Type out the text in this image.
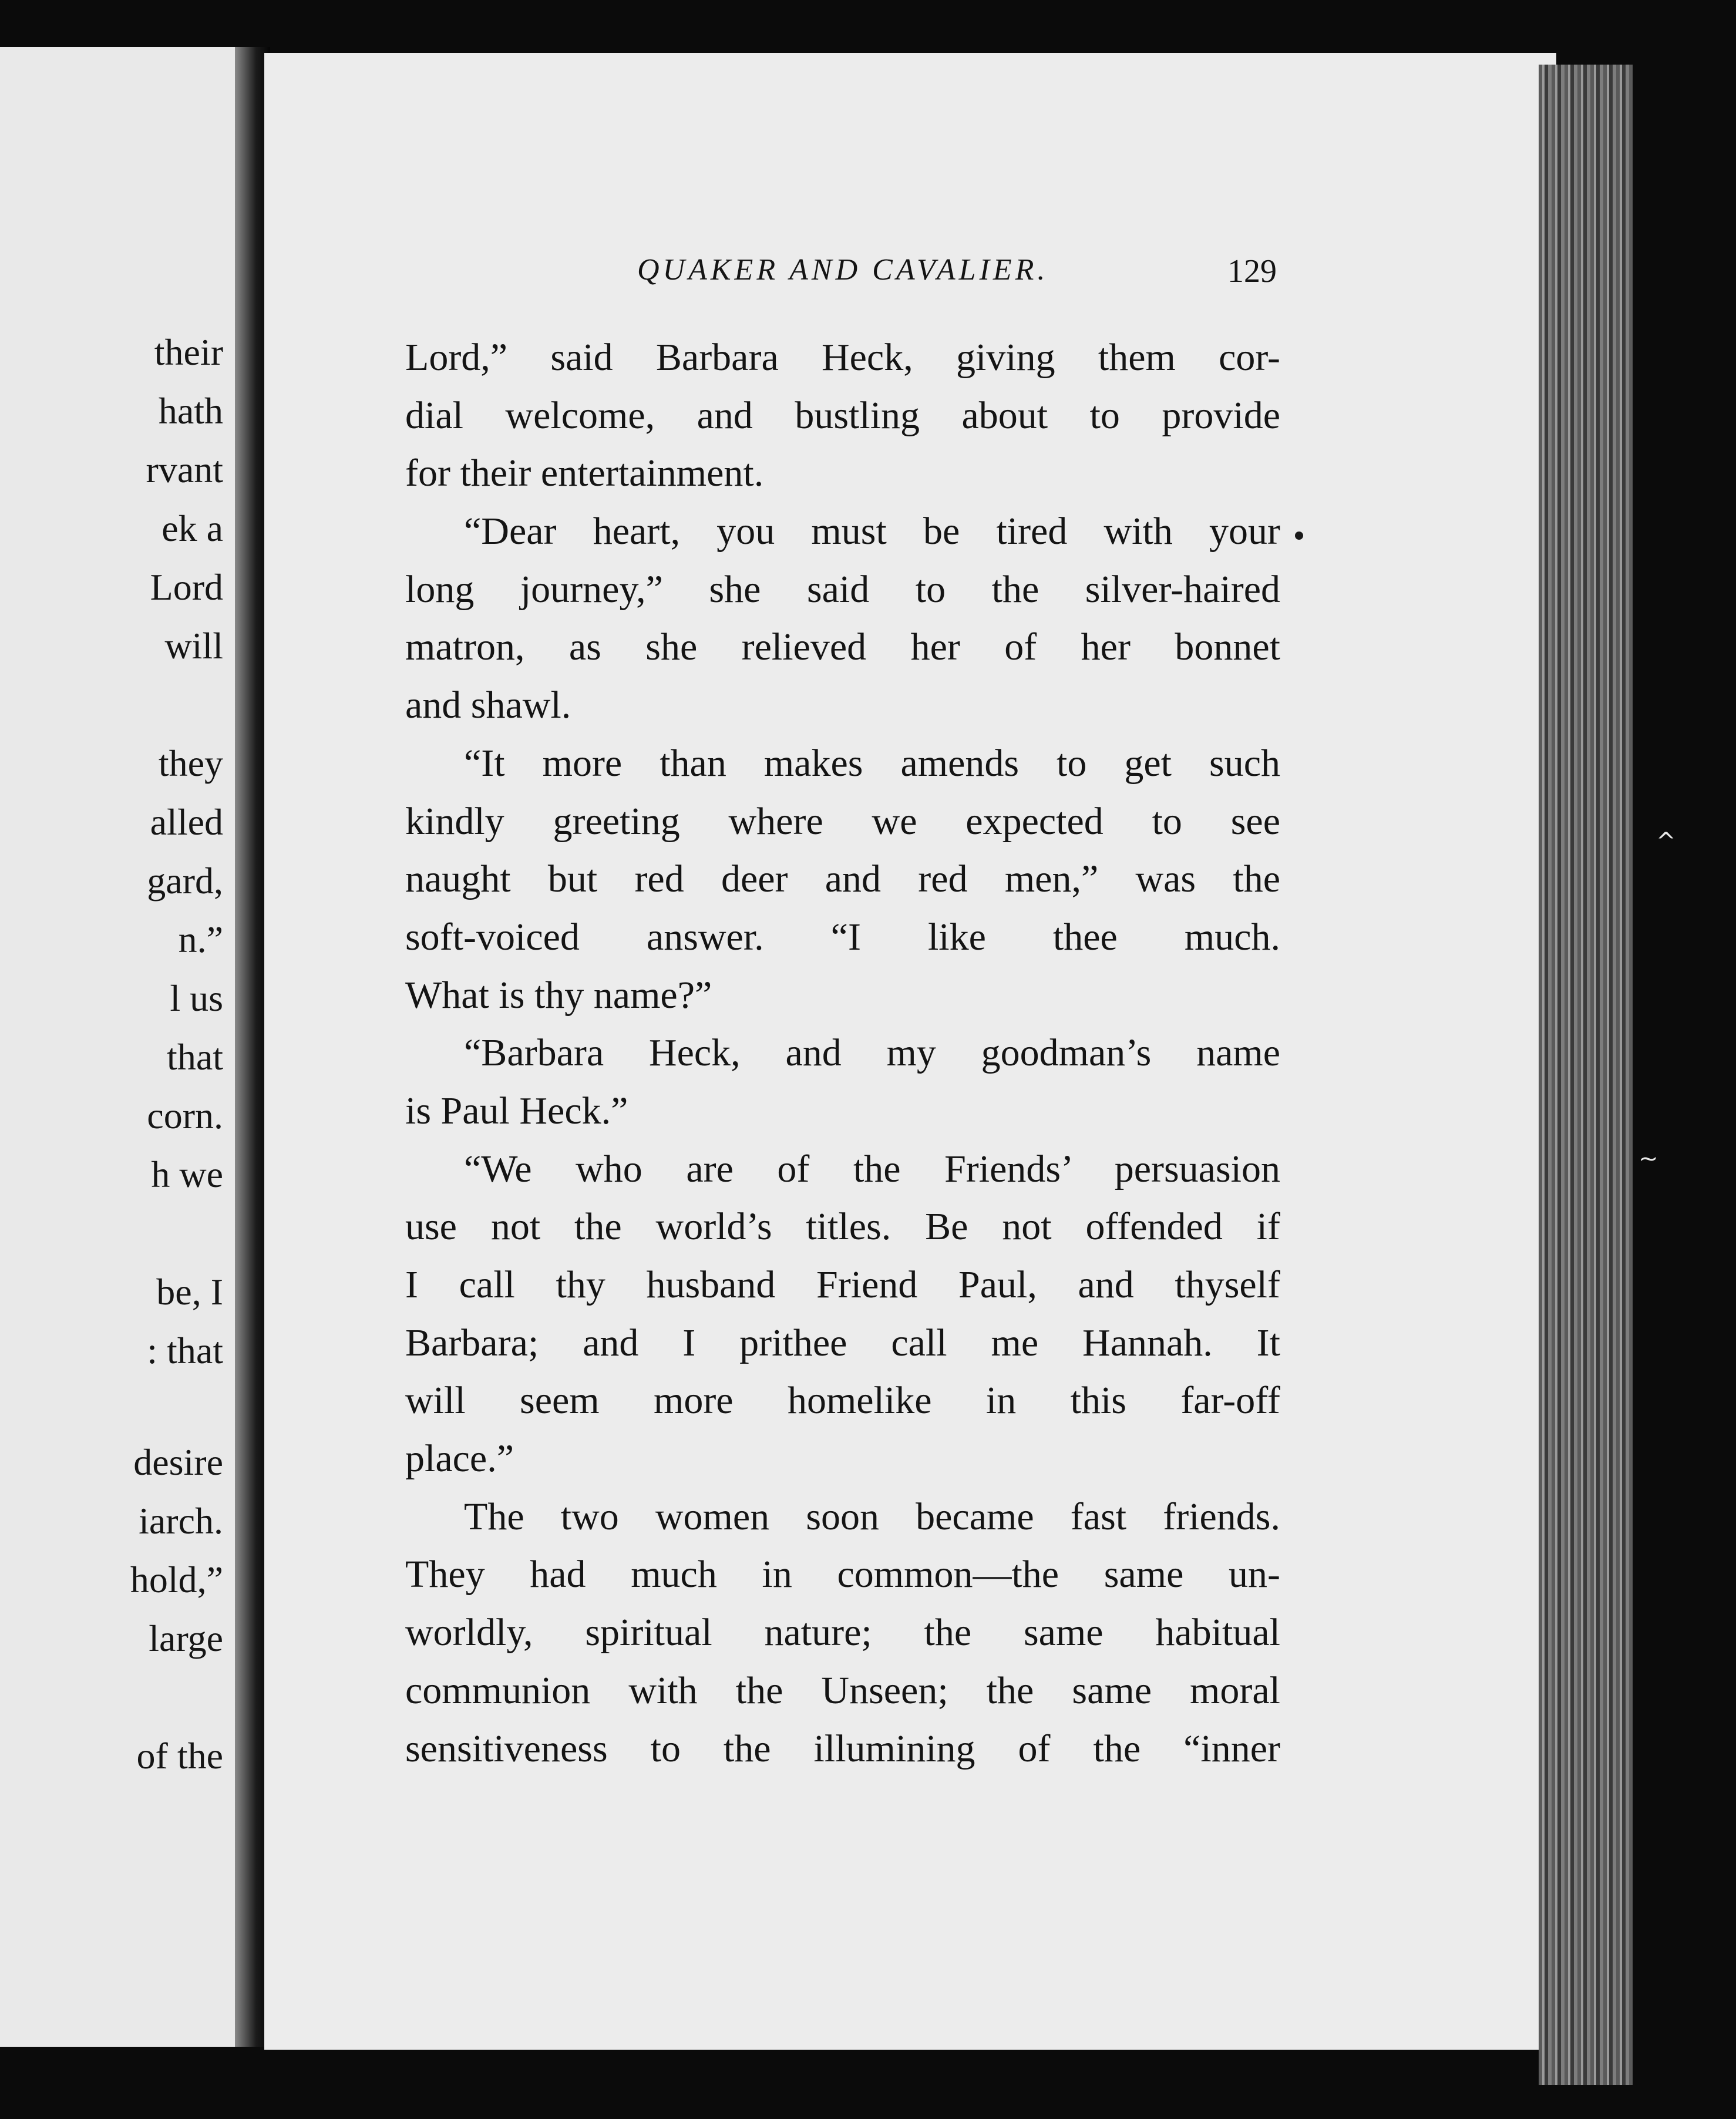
their
hath
rvant
ek a
Lord
will
they
alled
gard,
n.”
l us
that
corn.
h we
be, I
: that
desire
iarch.
hold,”
large
of the
QUAKER AND CAVALIER.	129
Lord,” said Barbara Heck, giving them cor-
dial welcome, and bustling about to provide
for their entertainment.
“Dear heart, you must be tired with your
long journey,” she said to the silver-haired
matron, as she relieved her of her bonnet
and shawl.
“It more than makes amends to get such
kindly greeting where we expected to see
naught but red deer and red men,” was the
soft-voiced answer. “I like thee much.
What is thy name?”
“Barbara Heck, and my goodman’s name
is Paul Heck.”
“We who are of the Friends’ persuasion
use not the world’s titles. Be not offended if
I call thy husband Friend Paul, and thyself
Barbara; and I prithee call me Hannah. It
will seem more homelike in this far-off
place.”
The two women soon became fast friends.
They had much in common—the same un-
worldly, spiritual nature; the same habitual
communion with the Unseen; the same moral
sensitiveness to the illumining of the “inner
^
~
